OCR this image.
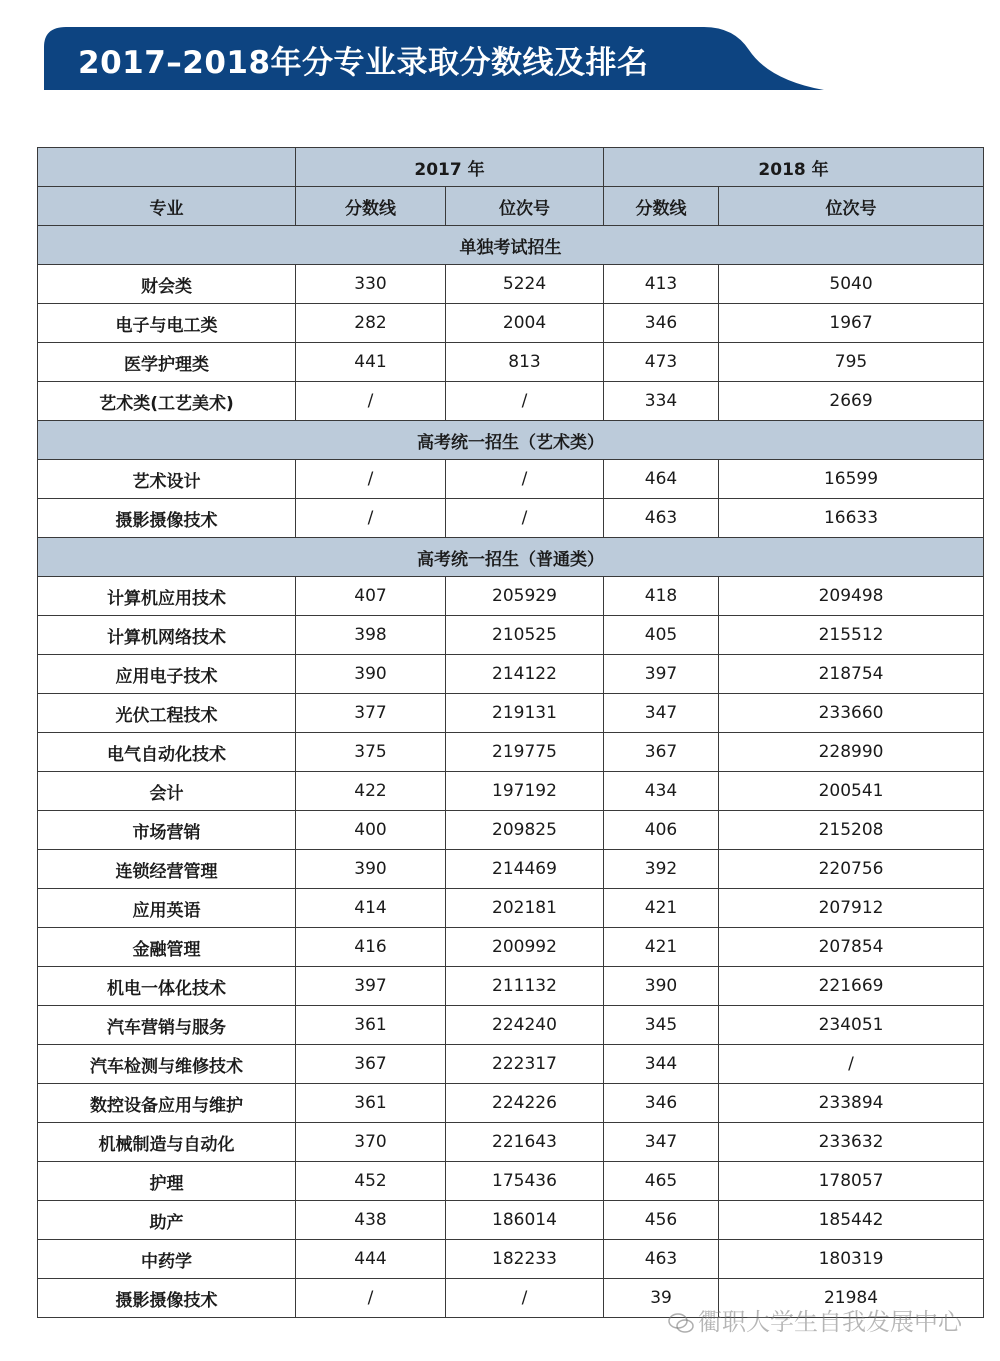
2017–2018年分专业录取分数线及排名
	2017 年		2018 年	
专业	分数线	位次号	分数线	位次号
单独考试招生				
财会类	330	5224	413	5040
电子与电工类	282	2004	346	1967
医学护理类	441	813	473	795
艺术类(工艺美术)	/	/	334	2669
高考统一招生（艺术类）				
艺术设计	/	/	464	16599
摄影摄像技术	/	/	463	16633
高考统一招生（普通类）				
计算机应用技术	407	205929	418	209498
计算机网络技术	398	210525	405	215512
应用电子技术	390	214122	397	218754
光伏工程技术	377	219131	347	233660
电气自动化技术	375	219775	367	228990
会计	422	197192	434	200541
市场营销	400	209825	406	215208
连锁经营管理	390	214469	392	220756
应用英语	414	202181	421	207912
金融管理	416	200992	421	207854
机电一体化技术	397	211132	390	221669
汽车营销与服务	361	224240	345	234051
汽车检测与维修技术	367	222317	344	/
数控设备应用与维护	361	224226	346	233894
机械制造与自动化	370	221643	347	233632
护理	452	175436	465	178057
助产	438	186014	456	185442
中药学	444	182233	463	180319
摄影摄像技术	/	/	39	21984
衢职大学生自我发展中心
